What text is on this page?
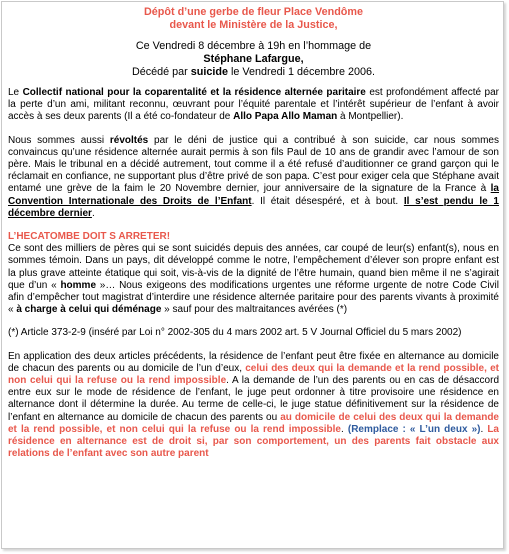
Dépôt d’une gerbe de fleur Place Vendôme
devant le Ministère de la Justice,
Ce Vendredi 8 décembre à 19h en l’hommage de
Stéphane Lafargue,
Décédé par suicide le Vendredi 1 décembre 2006.

Le Collectif national pour la coparentalité et la résidence alternée paritaire est profondément affecté par la perte d’un ami, militant reconnu, œuvrant pour l’équité parentale et l’intérêt supérieur de l’enfant à avoir accès à ses deux parents (Il a été co-fondateur de Allo Papa Allo Maman à Montpellier).

Nous sommes aussi révoltés par le déni de justice qui a contribué à son suicide, car nous sommes convaincus qu’une résidence alternée aurait permis à son fils Paul de 10 ans de grandir avec l’amour de son père. Mais le tribunal en a décidé autrement, tout comme il a été refusé d’auditionner ce grand garçon qui le réclamait en confiance, ne supportant plus d’être privé de son papa. C’est pour exiger cela que Stéphane avait entamé une grève de la faim le 20 Novembre dernier, jour anniversaire de la signature de la France à la Convention Internationale des Droits de l’Enfant. Il était désespéré, et à bout. Il s’est pendu le 1 décembre dernier.

L’HECATOMBE DOIT S ARRETER!

Ce sont des milliers de pères qui se sont suicidés depuis des années, car coupé de leur(s) enfant(s), nous en sommes témoin. Dans un pays, dit développé comme le notre, l’empêchement d’élever son propre enfant est la plus grave atteinte étatique qui soit, vis-à-vis de la dignité de l’être humain, quand bien même il ne s’agirait que d’un « homme »… Nous exigeons des modifications urgentes une réforme urgente de notre Code Civil afin d’empêcher tout magistrat d’interdire une résidence alternée paritaire pour des parents vivants à proximité « à charge à celui qui déménage » sauf pour des maltraitances avérées (*)

(*) Article 373-2-9 (inséré par Loi n° 2002-305 du 4 mars 2002 art. 5 V Journal Officiel du 5 mars 2002)

En application des deux articles précédents, la résidence de l’enfant peut être fixée en alternance au domicile de chacun des parents ou au domicile de l’un d’eux, celui des deux qui la demande et la rend possible, et non celui qui la refuse ou la rend impossible. A la demande de l’un des parents ou en cas de désaccord entre eux sur le mode de résidence de l’enfant, le juge peut ordonner à titre provisoire une résidence en alternance dont il détermine la durée. Au terme de celle-ci, le juge statue définitivement sur la résidence de l’enfant en alternance au domicile de chacun des parents ou au domicile de celui des deux qui la demande et la rend possible, et non celui qui la refuse ou la rend impossible. (Remplace : « L’un deux »). La résidence en alternance est de droit si, par son comportement, un des parents fait obstacle aux relations de l’enfant avec son autre parent
